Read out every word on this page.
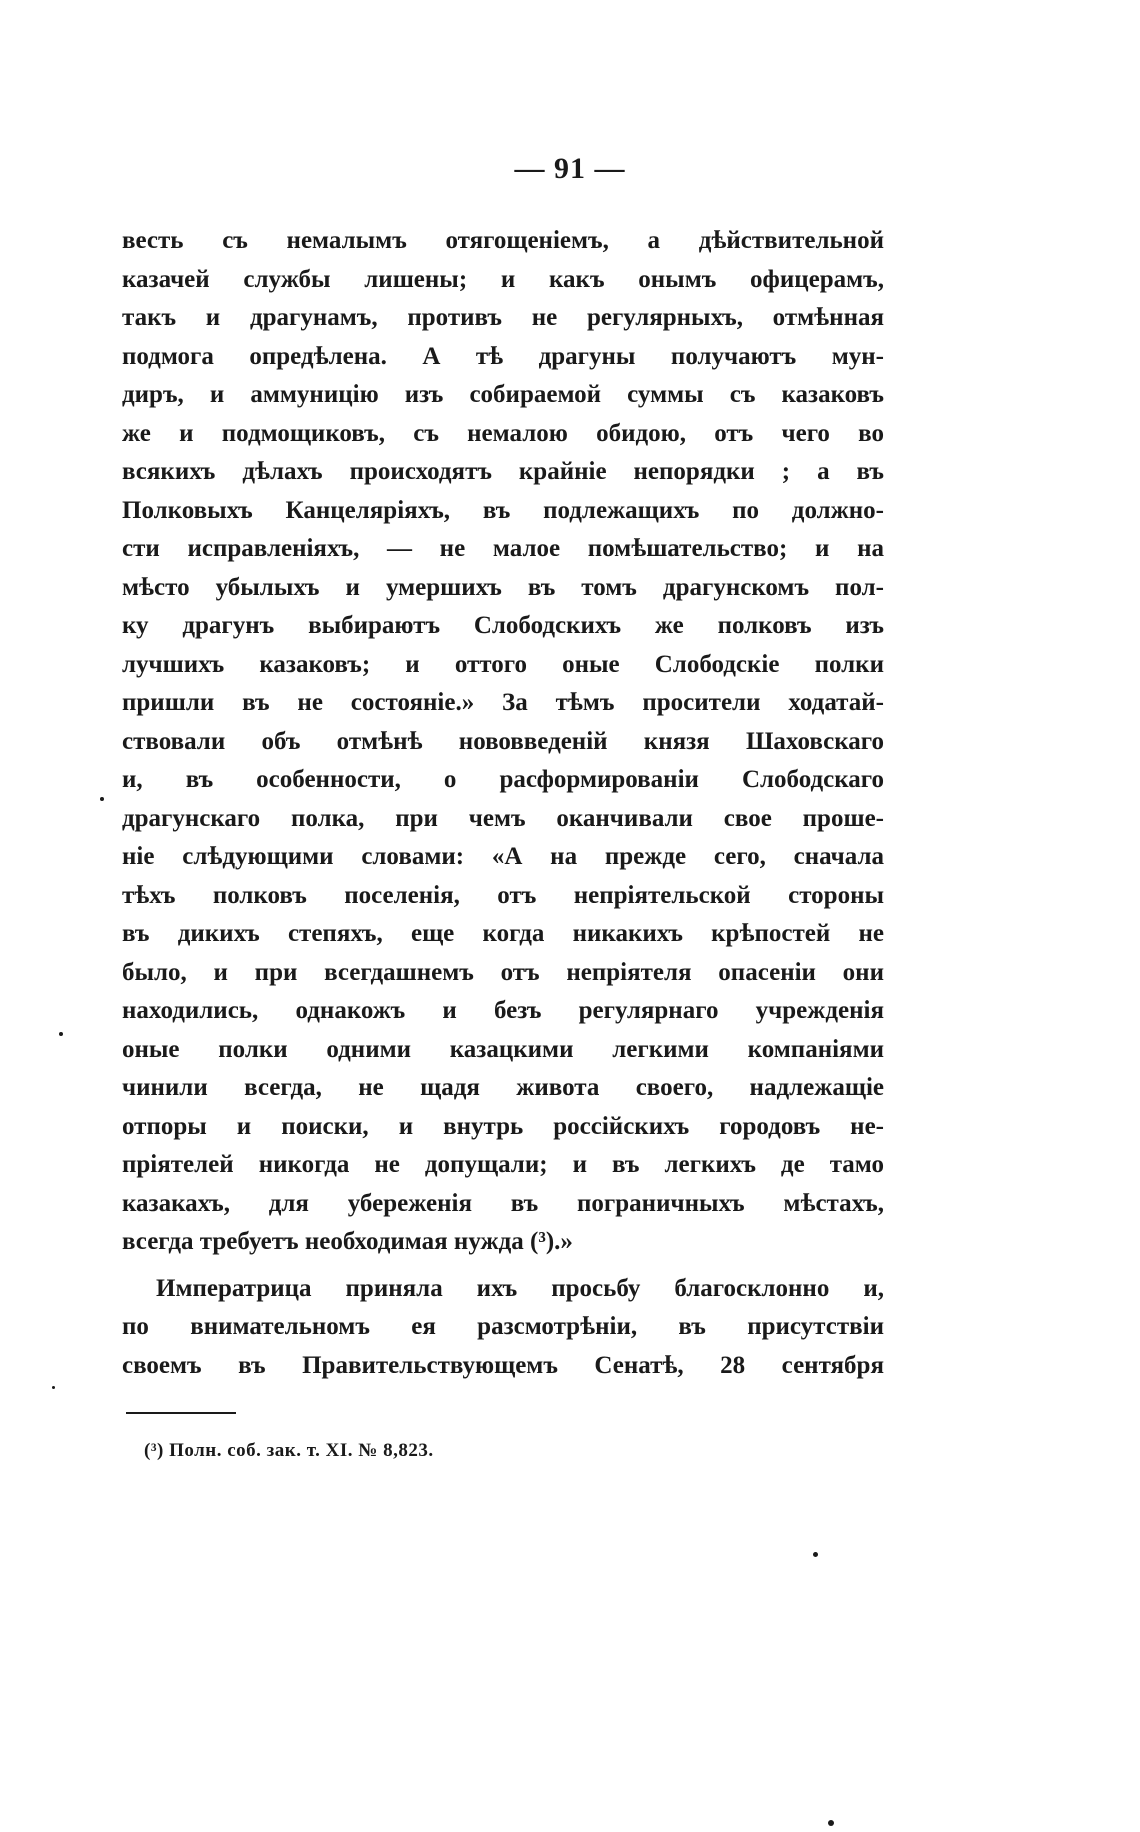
— 91 —
весть съ немалымъ отягощеніемъ, а дѣйствительной
казачей службы лишены; и какъ онымъ офицерамъ,
такъ и драгунамъ, противъ не регулярныхъ, отмѣнная
подмога опредѣлена. А тѣ драгуны получаютъ мун-
диръ, и аммуницію изъ собираемой суммы съ казаковъ
же и подмощиковъ, съ немалою обидою, отъ чего во
всякихъ дѣлахъ происходятъ крайніе непорядки ; а въ
Полковыхъ Канцеляріяхъ, въ подлежащихъ по должно-
сти исправленіяхъ, — не малое помѣшательство; и на
мѣсто убылыхъ и умершихъ въ томъ драгунскомъ пол-
ку драгунъ выбираютъ Слободскихъ же полковъ изъ
лучшихъ казаковъ; и оттого оные Слободскіе полки
пришли въ не состояніе.» За тѣмъ просители ходатай-
ствовали объ отмѣнѣ нововведеній князя Шаховскаго
и, въ особенности, о расформированіи Слободскаго
драгунскаго полка, при чемъ оканчивали свое проше-
ніе слѣдующими словами: «А на прежде сего, сначала
тѣхъ полковъ поселенія, отъ непріятельской стороны
въ дикихъ степяхъ, еще когда никакихъ крѣпостей не
было, и при всегдашнемъ отъ непріятеля опасеніи они
находились, однакожъ и безъ регулярнаго учрежденія
оные полки одними казацкими легкими компаніями
чинили всегда, не щадя живота своего, надлежащіе
отпоры и поиски, и внутрь россійскихъ городовъ не-
пріятелей никогда не допущали; и въ легкихъ де тамо
казакахъ, для убереженія въ пограничныхъ мѣстахъ,
всегда требуетъ необходимая нужда (³).»
Императрица приняла ихъ просьбу благосклонно и,
по внимательномъ ея разсмотрѣніи, въ присутствіи
своемъ въ Правительствующемъ Сенатѣ, 28 сентября
(³) Полн. соб. зак. т. XI. № 8,823.
